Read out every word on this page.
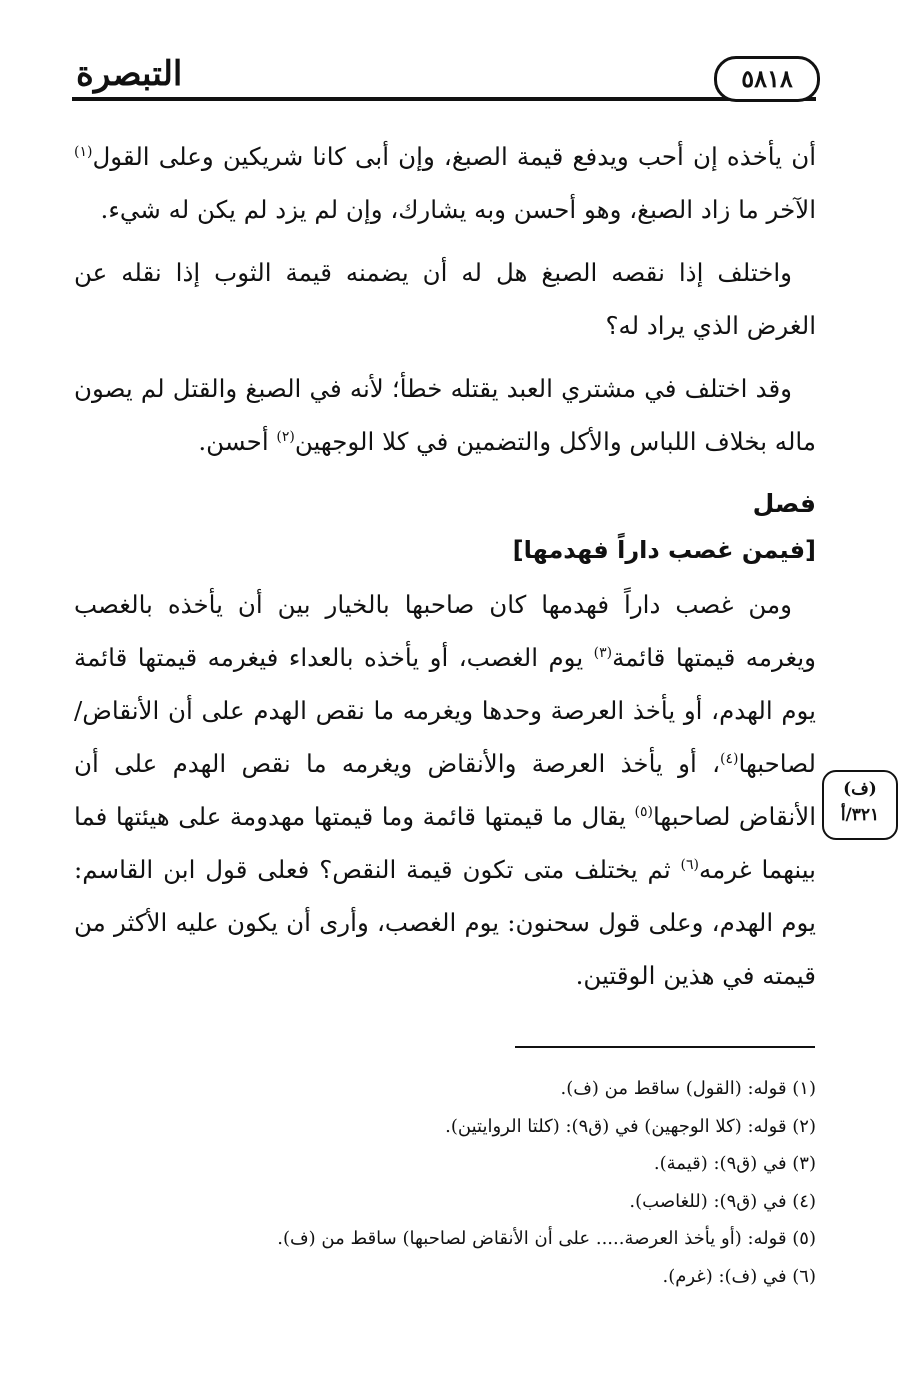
التبصرة	٥٨١٨

أن يأخذه إن أحب ويدفع قيمة الصبغ، وإن أبى كانا شريكين وعلى القول$^{(١)}$ الآخر ما زاد الصبغ، وهو أحسن وبه يشارك، وإن لم يزد لم يكن له شيء.

واختلف إذا نقصه الصبغ هل له أن يضمنه قيمة الثوب إذا نقله عن الغرض الذي يراد له؟

وقد اختلف في مشتري العبد يقتله خطأ؛ لأنه في الصبغ والقتل لم يصون ماله بخلاف اللباس والأكل والتضمين في كلا الوجهين$^{(٢)}$ أحسن.

فصل
[فيمن غصب داراً فهدمها]

ومن غصب داراً فهدمها كان صاحبها بالخيار بين أن يأخذه بالغصب ويغرمه قيمتها قائمة$^{(٣)}$ يوم الغصب، أو يأخذه بالعداء فيغرمه قيمتها قائمة يوم الهدم، أو يأخذ العرصة وحدها ويغرمه ما نقص الهدم على أن الأنقاض/ لصاحبها$^{(٤)}$، أو يأخذ العرصة والأنقاض ويغرمه ما نقص الهدم على أن الأنقاض لصاحبها$^{(٥)}$ يقال ما قيمتها قائمة وما قيمتها مهدومة على هيئتها فما بينهما غرمه$^{(٦)}$ ثم يختلف متى تكون قيمة النقص؟ فعلى قول ابن القاسم: يوم الهدم، وعلى قول سحنون: يوم الغصب، وأرى أن يكون عليه الأكثر من قيمته في هذين الوقتين.

(ف)
٣٢١/أ
(١) قوله: (القول) ساقط من (ف).
(٢) قوله: (كلا الوجهين) في (ق٩): (كلتا الروايتين).
(٣) في (ق٩): (قيمة).
(٤) في (ق٩): (للغاصب).
(٥) قوله: (أو يأخذ العرصة..... على أن الأنقاض لصاحبها) ساقط من (ف).
(٦) في (ف): (غرم).
